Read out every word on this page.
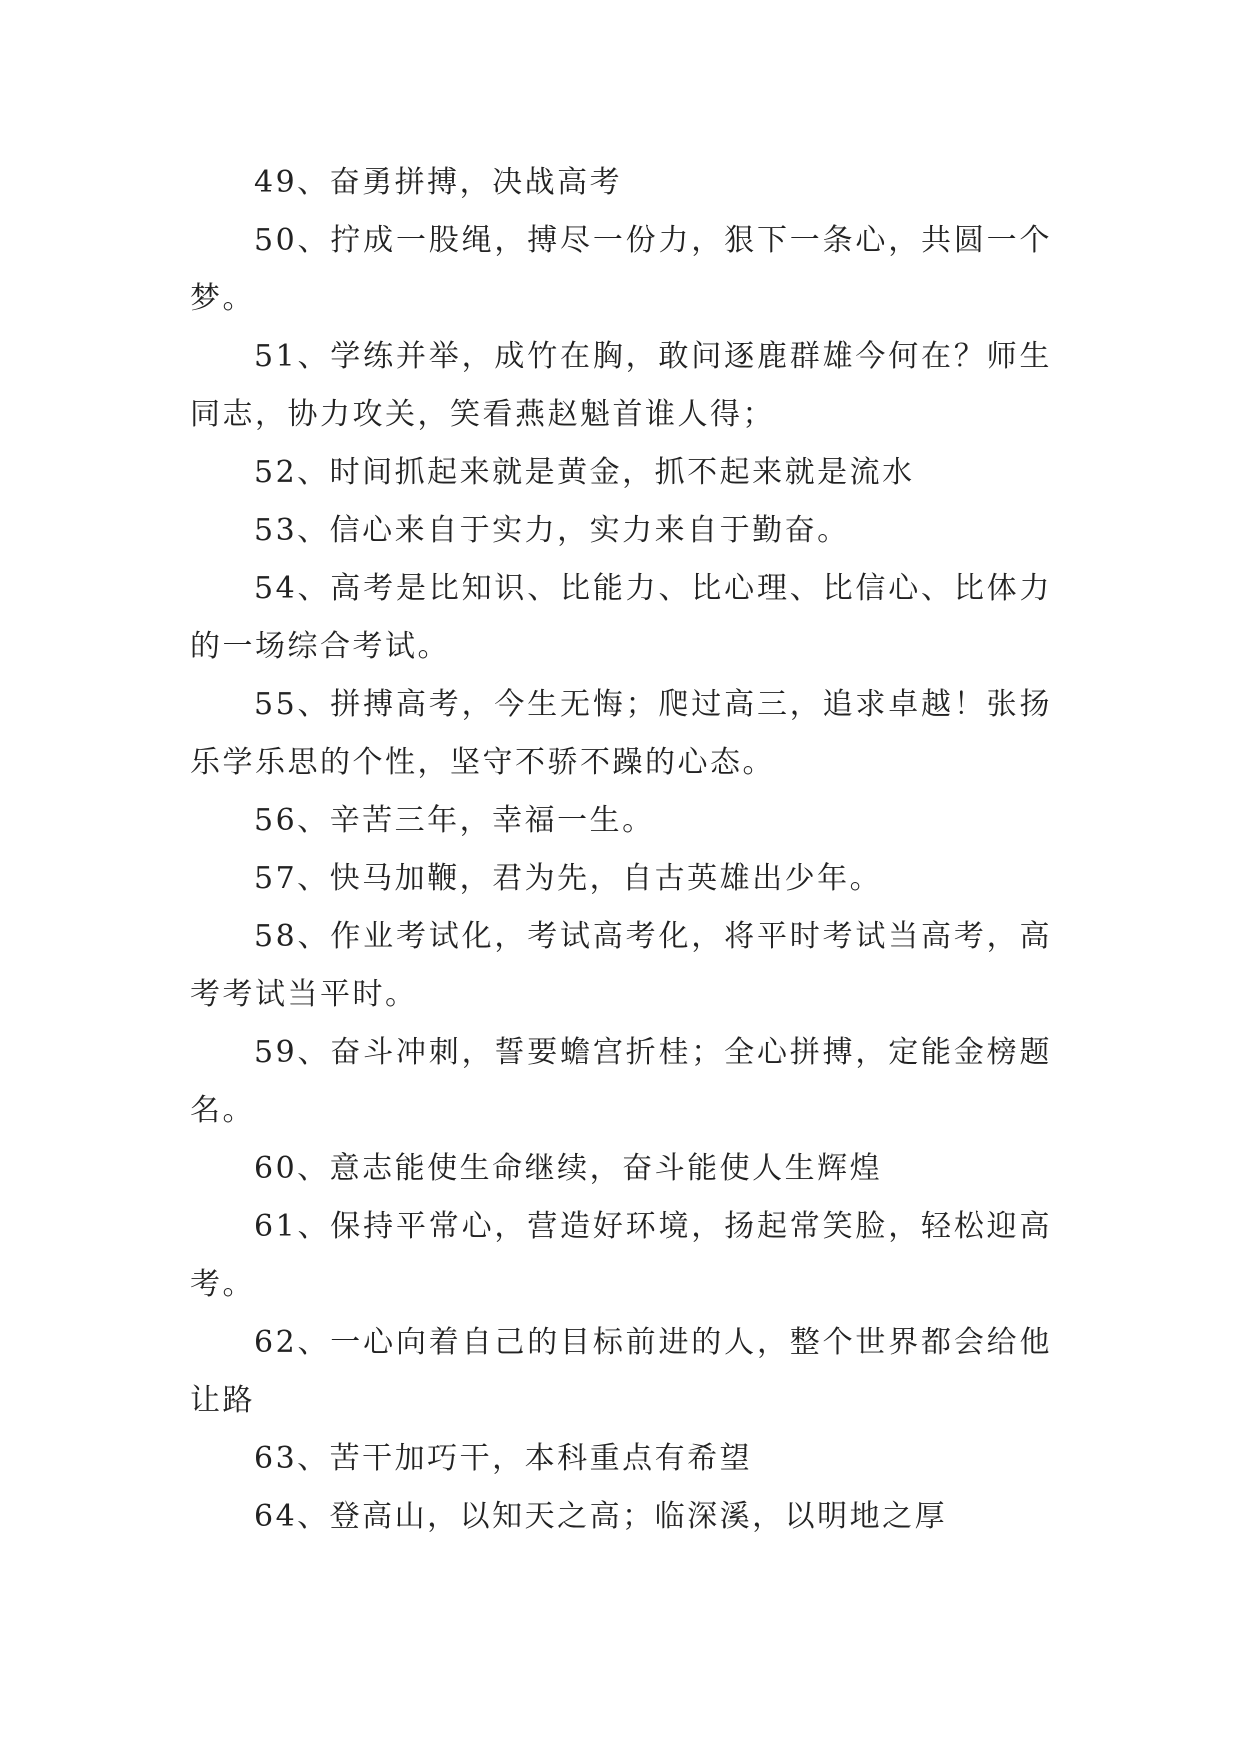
49、奋勇拼搏，决战高考

50、拧成一股绳，搏尽一份力，狠下一条心，共圆一个梦。

51、学练并举，成竹在胸，敢问逐鹿群雄今何在？师生同志，协力攻关，笑看燕赵魁首谁人得；

52、时间抓起来就是黄金，抓不起来就是流水

53、信心来自于实力，实力来自于勤奋。

54、高考是比知识、比能力、比心理、比信心、比体力的一场综合考试。

55、拼搏高考，今生无悔；爬过高三，追求卓越！张扬乐学乐思的个性，坚守不骄不躁的心态。

56、辛苦三年，幸福一生。

57、快马加鞭，君为先，自古英雄出少年。

58、作业考试化，考试高考化，将平时考试当高考，高考考试当平时。

59、奋斗冲刺，誓要蟾宫折桂；全心拼搏，定能金榜题名。

60、意志能使生命继续，奋斗能使人生辉煌

61、保持平常心，营造好环境，扬起常笑脸，轻松迎高考。

62、一心向着自己的目标前进的人，整个世界都会给他让路

63、苦干加巧干，本科重点有希望

64、登高山，以知天之高；临深溪，以明地之厚
